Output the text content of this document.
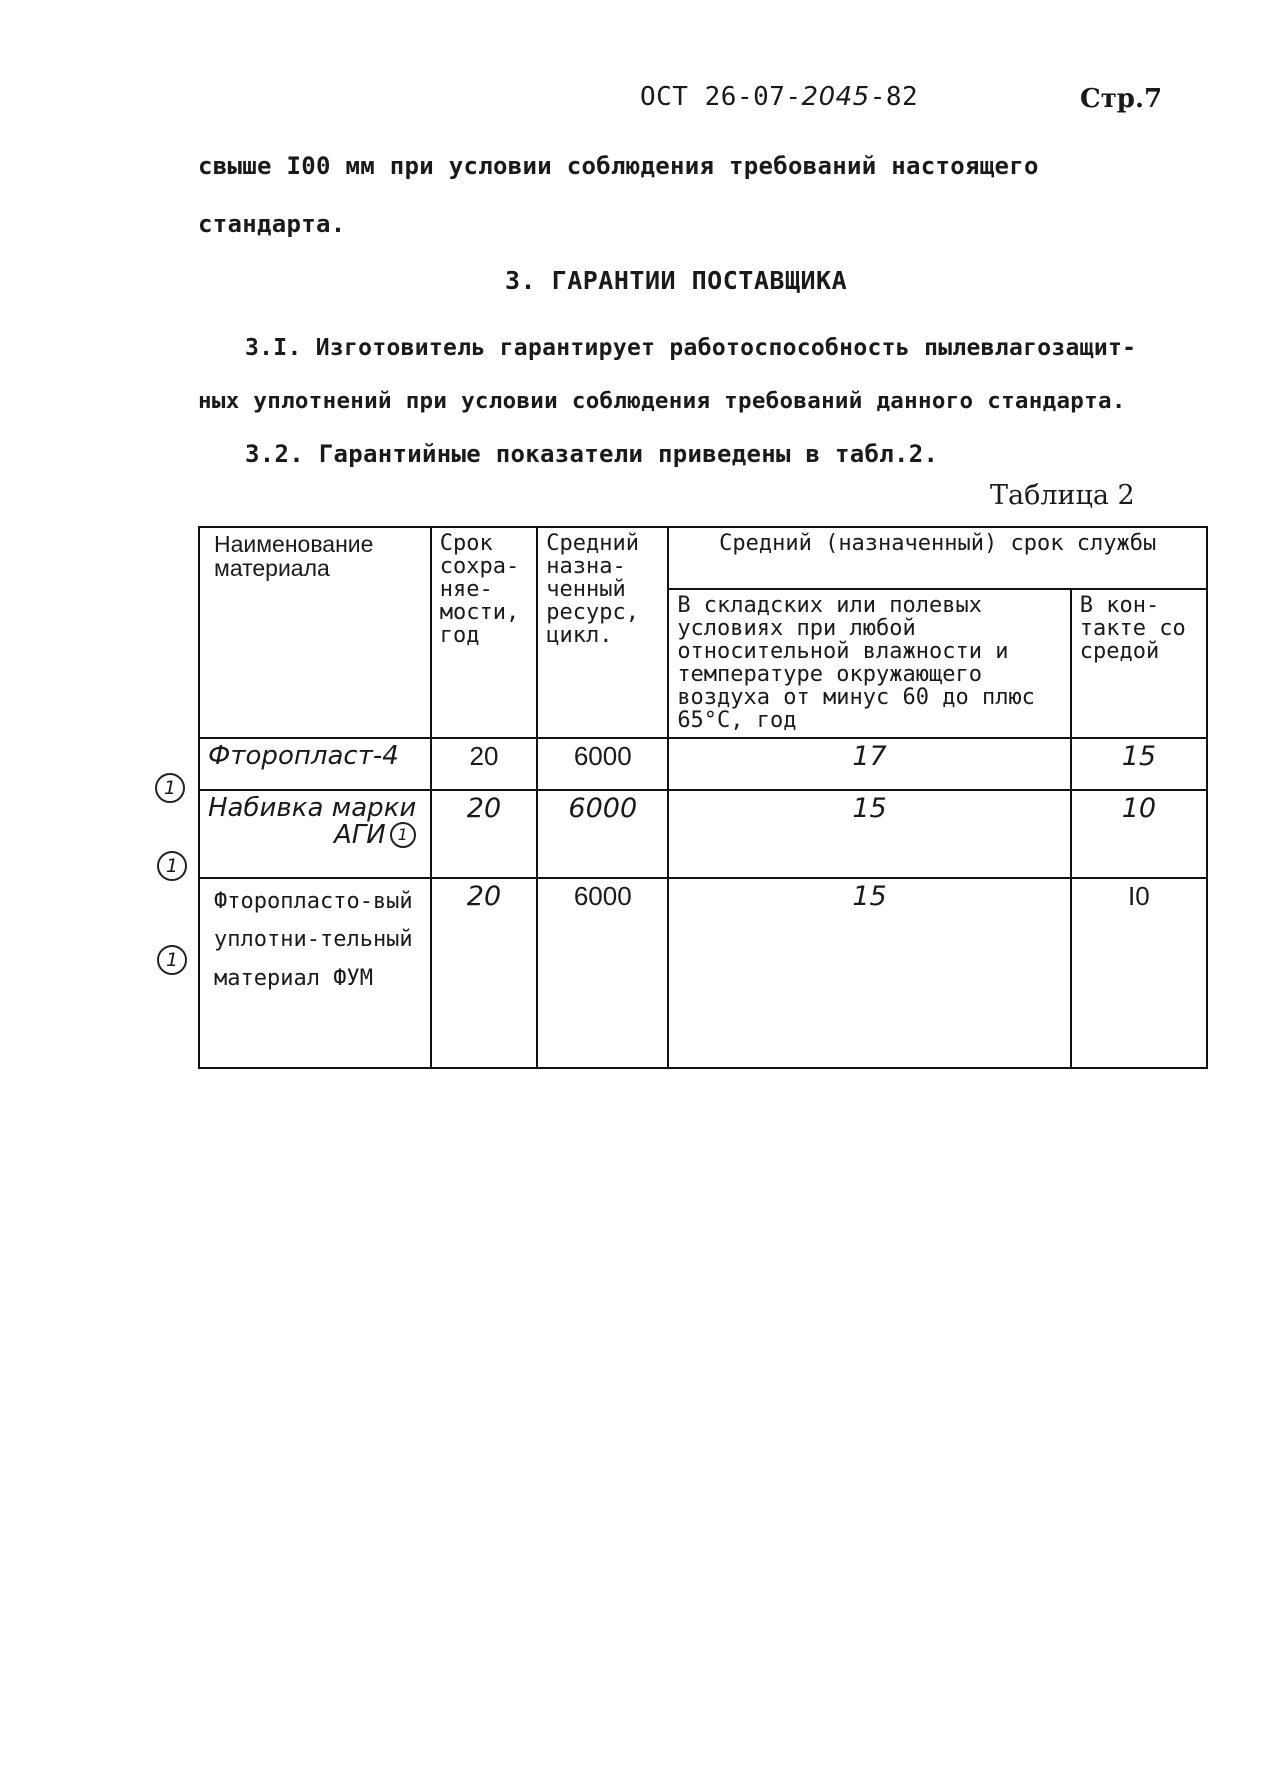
ОСТ 26-07-2045-82	Стр.7
свыше I00 мм при условии соблюдения требований настоящего
стандарта.
3. ГАРАНТИИ ПОСТАВЩИКА
3.I. Изготовитель гарантирует работоспособность пылевлагозащит-
ных уплотнений при условии соблюдения требований данного стандарта.
3.2. Гарантийные показатели приведены в табл.2.
Таблица 2
1
1
1
Наименование материала	Срок сохра-няе-мости, год	Средний назна-ченный ресурс, цикл.	Средний (назначенный) срок службы	
			В складских или полевых условиях при любой относительной влажности и температуре окружающего воздуха от минус 60 до плюс 65°С, год	В кон-такте со средой
Фторопласт-4	20	6000	17	15

Набивка марки
АГИ 1	20	6000	15	10
Фторопласто-вый уплотни-тельный материал ФУМ	20	6000	15	I0
